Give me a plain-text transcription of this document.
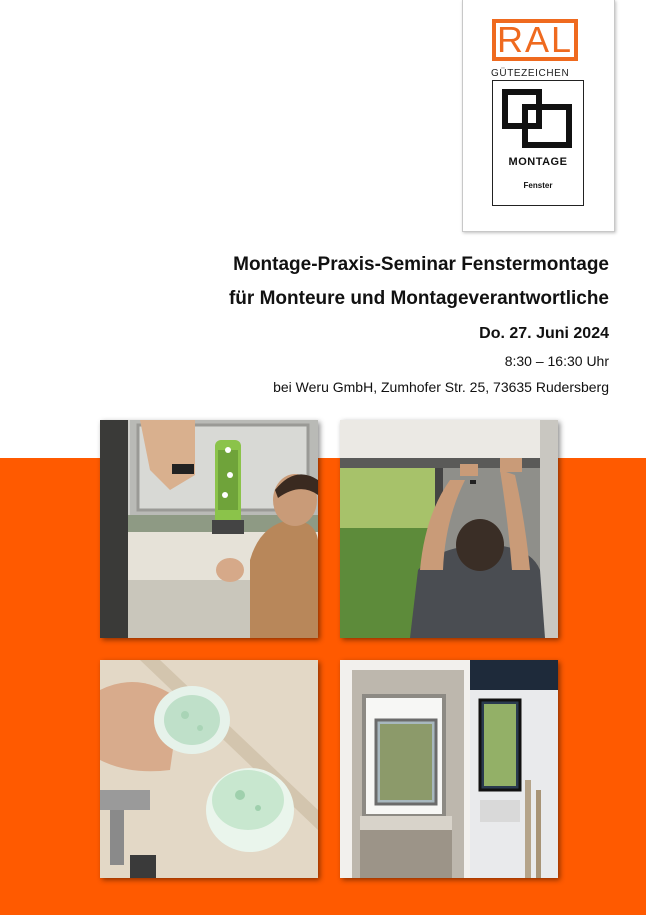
RAL
GÜTEZEICHEN
MONTAGE
Fenster
Montage-Praxis-Seminar Fenstermontage
für Monteure und Montageverantwortliche
Do. 27. Juni 2024
8:30 – 16:30 Uhr
bei Weru GmbH, Zumhofer Str. 25, 73635 Rudersberg
